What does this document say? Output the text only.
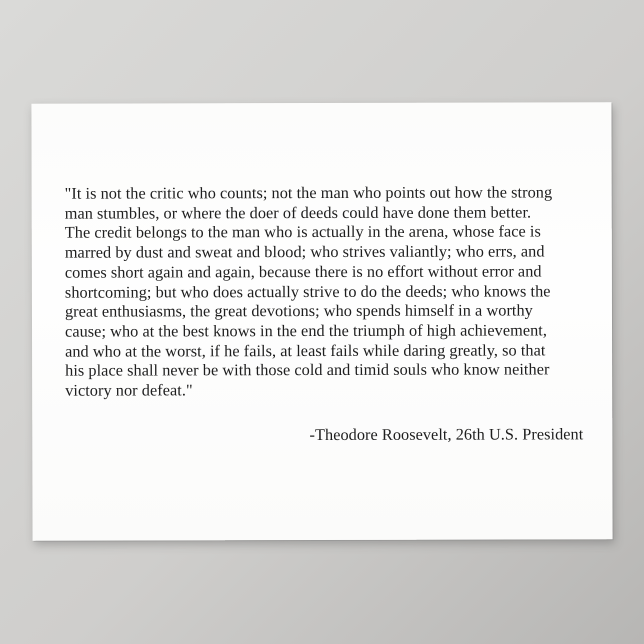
"It is not the critic who counts; not the man who points out how the strong
man stumbles, or where the doer of deeds could have done them better.
The credit belongs to the man who is actually in the arena, whose face is
marred by dust and sweat and blood; who strives valiantly; who errs, and
comes short again and again, because there is no effort without error and
shortcoming; but who does actually strive to do the deeds; who knows the
great enthusiasms, the great devotions; who spends himself in a worthy
cause; who at the best knows in the end the triumph of high achievement,
and who at the worst, if he fails, at least fails while daring greatly, so that
his place shall never be with those cold and timid souls who know neither
victory nor defeat."
-Theodore Roosevelt, 26th U.S. President
